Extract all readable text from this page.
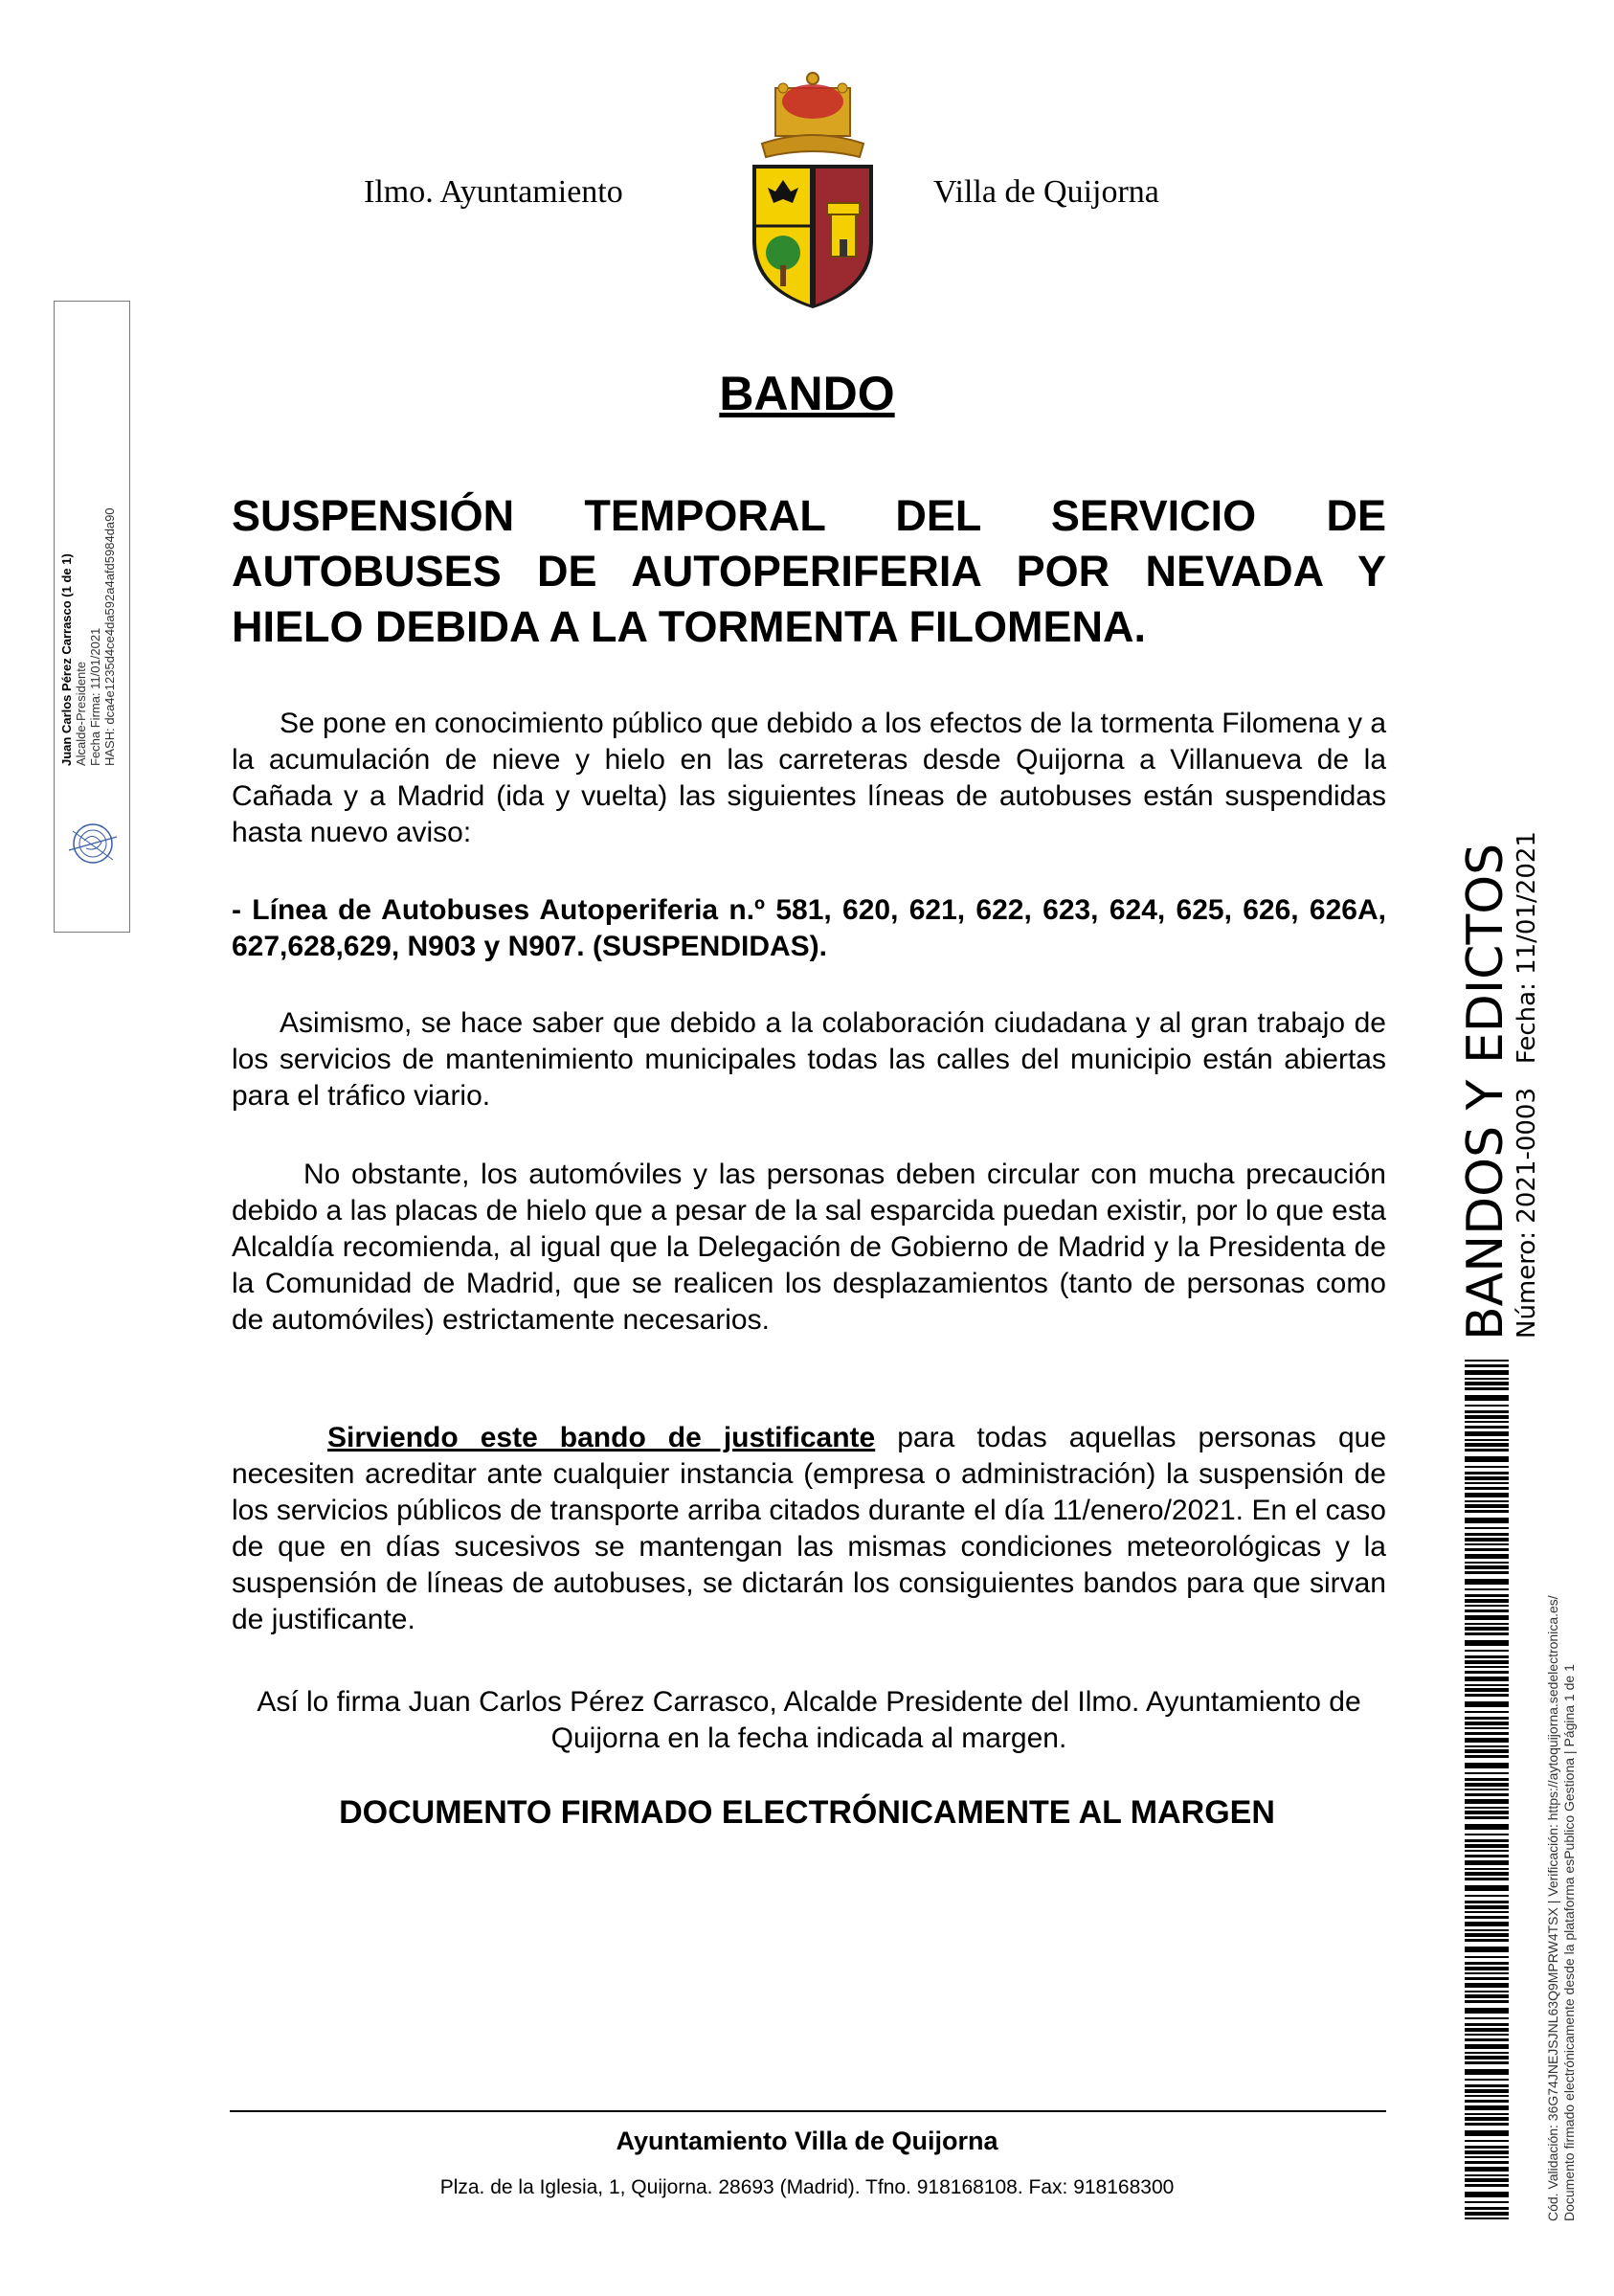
Ilmo. Ayuntamiento	Villa de Quijorna
Juan Carlos Pérez Carrasco (1 de 1) Alcalde-Presidente Fecha Firma: 11/01/2021 HASH: dca4e1235d4ce4da592a4afd5984da90
BANDO
SUSPENSIÓN TEMPORAL DEL SERVICIO DE AUTOBUSES DE AUTOPERIFERIA POR NEVADA Y HIELO DEBIDA A LA TORMENTA FILOMENA.
Se pone en conocimiento público que debido a los efectos de la tormenta Filomena y a la acumulación de nieve y hielo en las carreteras desde Quijorna a Villanueva de la Cañada y a Madrid (ida y vuelta) las siguientes líneas de autobuses están suspendidas hasta nuevo aviso:
- Línea de Autobuses Autoperiferia n.º 581, 620, 621, 622, 623, 624, 625, 626, 626A, 627,628,629, N903 y N907. (SUSPENDIDAS).
Asimismo, se hace saber que debido a la colaboración ciudadana y al gran trabajo de los servicios de mantenimiento municipales todas las calles del municipio están abiertas para el tráfico viario.
No obstante, los automóviles y las personas deben circular con mucha precaución debido a las placas de hielo que a pesar de la sal esparcida puedan existir, por lo que esta Alcaldía recomienda, al igual que la Delegación de Gobierno de Madrid y la Presidenta de la Comunidad de Madrid, que se realicen los desplazamientos (tanto de personas como de automóviles) estrictamente necesarios.
Sirviendo este bando de justificante para todas aquellas personas que necesiten acreditar ante cualquier instancia (empresa o administración) la suspensión de los servicios públicos de transporte arriba citados durante el día 11/enero/2021. En el caso de que en días sucesivos se mantengan las mismas condiciones meteorológicas y la suspensión de líneas de autobuses, se dictarán los consiguientes bandos para que sirvan de justificante.
Así lo firma Juan Carlos Pérez Carrasco, Alcalde Presidente del Ilmo. Ayuntamiento de Quijorna en la fecha indicada al margen.
DOCUMENTO FIRMADO ELECTRÓNICAMENTE AL MARGEN
Ayuntamiento Villa de Quijorna
Plza. de la Iglesia, 1, Quijorna. 28693 (Madrid). Tfno. 918168108. Fax: 918168300
BANDOS Y EDICTOS
Número: 2021-0003   Fecha: 11/01/2021
Cód. Validación: 36G74JNEJSJNL63Q9MPRW4TSX | Verificación: https://aytoquijorna.sedelectronica.es/ Documento firmado electrónicamente desde la plataforma esPublico Gestiona | Página 1 de 1
